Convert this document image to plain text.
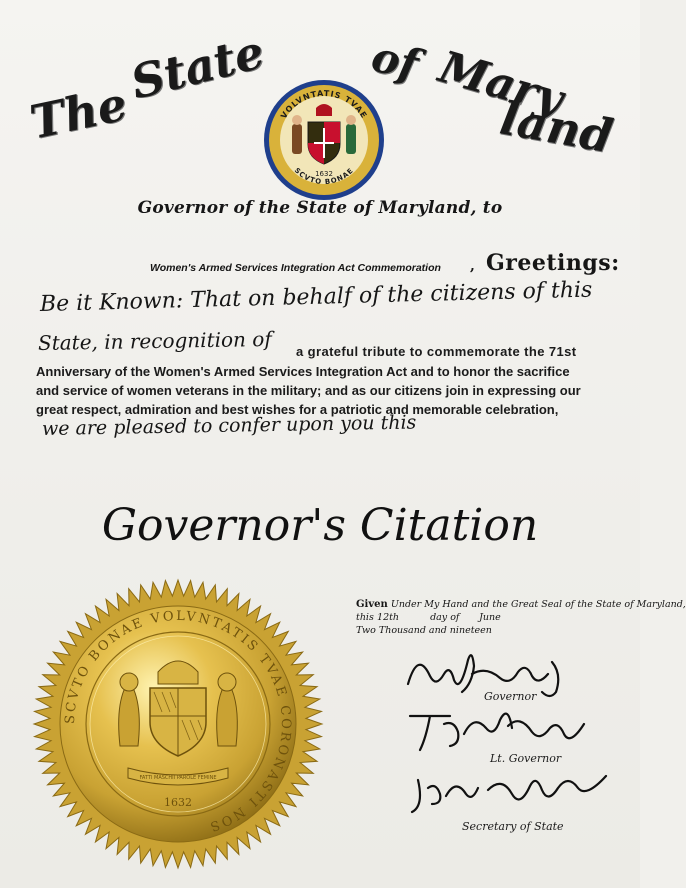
The
State of Mary
land
VOLVNTATIS TVAE
SCVTO BONAE
1632
Governor of the State of Maryland, to
Women's Armed Services Integration Act Commemoration , Greetings:
Be it Known: That on behalf of the citizens of this
State, in recognition of a grateful tribute to commemorate the 71st
Anniversary of the Women's Armed Services Integration Act and to honor the sacrifice
and service of women veterans in the military; and as our citizens join in expressing our
great respect, admiration and best wishes for a patriotic and memorable celebration,
we are pleased to confer upon you this
Governor's Citation
SCVTO BONAE VOLVNTATIS TVAE CORONASTI NOS
FATTI MASCHII PAROLE FEMINE
1632
Given Under My Hand and the Great Seal of the State of Maryland,
this 12th	day of June
Two Thousand and nineteen
Governor
Lt. Governor
Secretary of State
